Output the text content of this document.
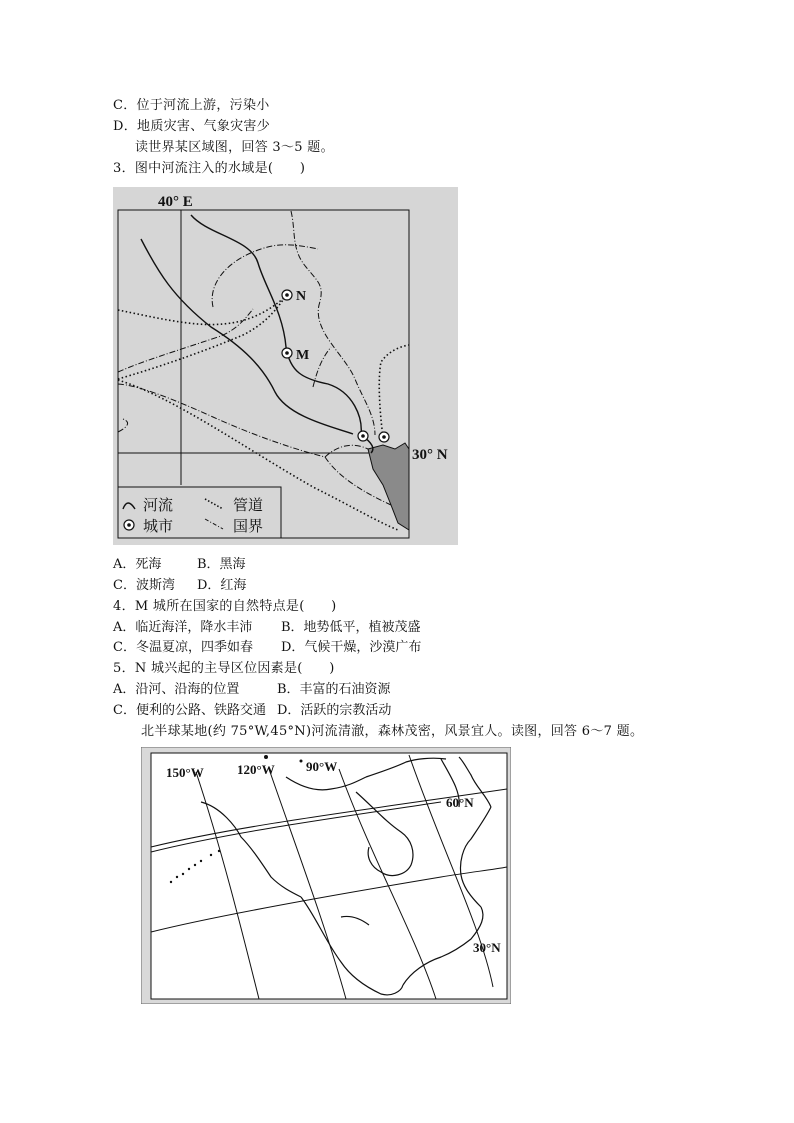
C．位于河流上游，污染小
D．地质灾害、气象灾害少
读世界某区域图，回答 3～5 题。
3．图中河流注入的水域是(　　)
N
M
40° E
30° N
河流	管道
城市	国界
A．死海	B．黑海
C．波斯湾 D．红海
4．M 城所在国家的自然特点是(　　)
A．临近海洋，降水丰沛 B．地势低平，植被茂盛
C．冬温夏凉，四季如春 D．气候干燥，沙漠广布
5．N 城兴起的主导区位因素是(　　)
A．沿河、沿海的位置	B．丰富的石油资源
C．便利的公路、铁路交通 D．活跃的宗教活动
北半球某地(约 75°W,45°N)河流清澈，森林茂密，风景宜人。读图，回答 6～7 题。
150°W	120°W 90°W
60°N
30°N
